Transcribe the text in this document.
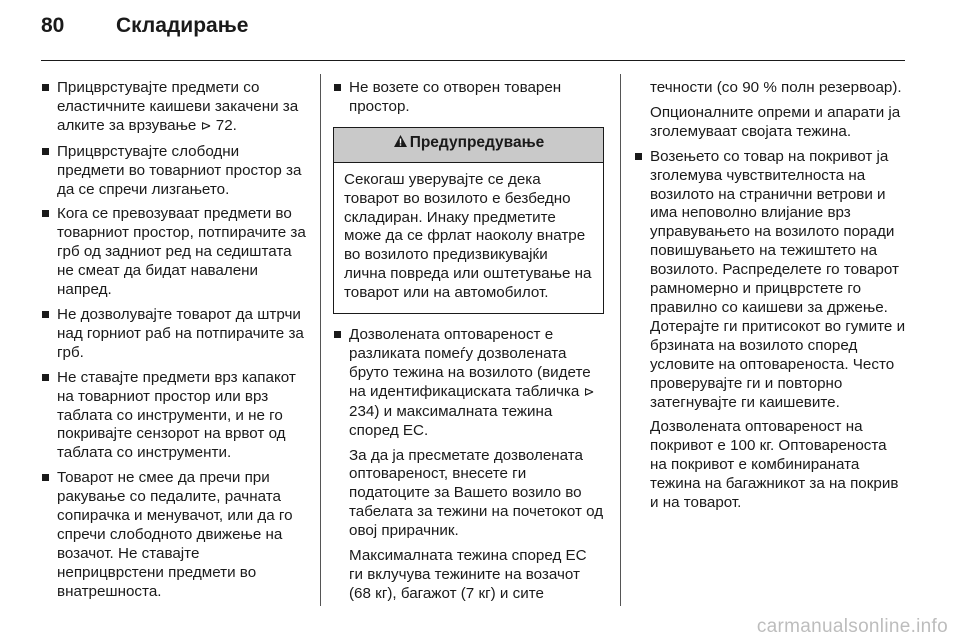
80	Складирање
Прицврстувајте предмети со еластичните каишеви закачени за алките за врзување ⊳ 72.
Прицврстувајте слободни предмети во товарниот простор за да се спречи лизгањето.
Кога се превозуваат предмети во товарниот простор, потпирачите за грб од задниот ред на седиштата не смеат да бидат навалени напред.
Не дозволувајте товарот да штрчи над горниот раб на потпирачите за грб.
Не ставајте предмети врз капакот на товарниот простор или врз таблата со инструменти, и не го покривајте сензорот на врвот од таблата со инструменти.
Товарот не смее да пречи при ракување со педалите, рачната сопирачка и менувачот, или да го спречи слободното движење на возачот. Не ставајте неприцврстени предмети во внатрешноста.
Не возете со отворен товарен простор.
Предупредување
Секогаш уверувајте се дека товарот во возилото е безбедно складиран. Инаку предметите може да се фрлат наоколу внатре во возилото предизвикувајќи лична повреда или оштетување на товарот или на автомобилот.
Дозволената оптовареност е разликата помеѓу дозволената бруто тежина на возилото (видете на идентификациската табличка ⊳ 234) и максималната тежина според ЕС.
За да ја пресметате дозволената оптовареност, внесете ги податоците за Вашето возило во табелата за тежини на почетокот од овој прирачник.
Максималната тежина според ЕС ги вклучува тежините на возачот (68 кг), багажот (7 кг) и сите
течности (со 90 % полн резервоар).
Опционалните опреми и апарати ја зголемуваат својата тежина.
Возењето со товар на покривот ја зголемува чувствителноста на возилото на странични ветрови и има неповолно влијание врз управувањето на возилото поради повишувањето на тежиштето на возилото. Распределете го товарот рамномерно и прицврстете го правилно со каишеви за држење. Дотерајте ги притисокот во гумите и брзината на возилото според условите на оптовареноста. Често проверувајте ги и повторно затегнувајте ги каишевите.
Дозволената оптовареност на покривот е 100 кг. Оптовареноста на покривот е комбинираната тежина на багажникот за на покрив и на товарот.
carmanualsonline.info
